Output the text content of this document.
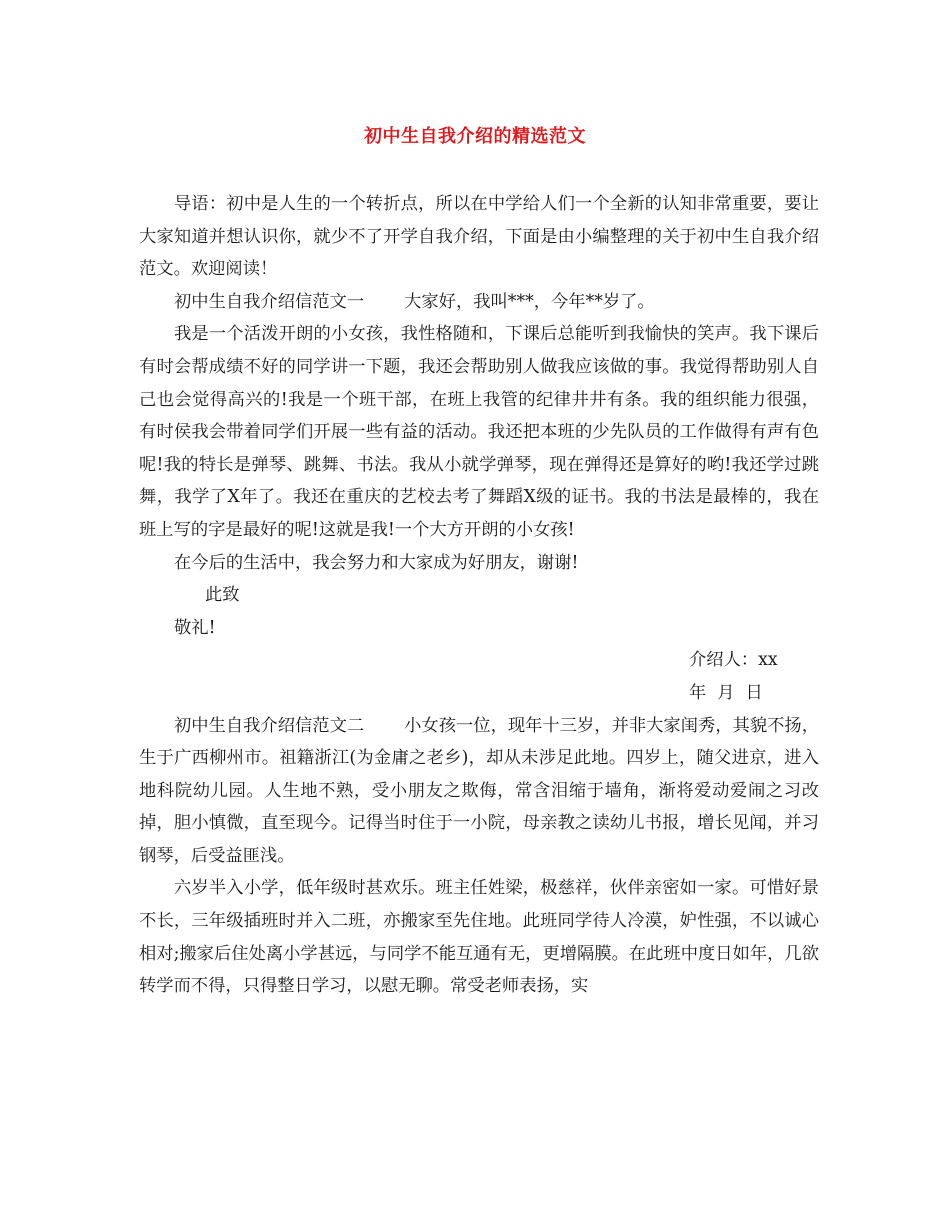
初中生自我介绍的精选范文

导语：初中是人生的一个转折点，所以在中学给人们一个全新的认知非常重要，要让大家知道并想认识你，就少不了开学自我介绍，下面是由小编整理的关于初中生自我介绍范文。欢迎阅读！

初中生自我介绍信范文一 大家好，我叫***，今年**岁了。

我是一个活泼开朗的小女孩，我性格随和，下课后总能听到我愉快的笑声。我下课后有时会帮成绩不好的同学讲一下题，我还会帮助别人做我应该做的事。我觉得帮助别人自己也会觉得高兴的!我是一个班干部，在班上我管的纪律井井有条。我的组织能力很强，有时侯我会带着同学们开展一些有益的活动。我还把本班的少先队员的工作做得有声有色呢!我的特长是弹琴、跳舞、书法。我从小就学弹琴，现在弹得还是算好的哟!我还学过跳舞，我学了X年了。我还在重庆的艺校去考了舞蹈X级的证书。我的书法是最棒的，我在班上写的字是最好的呢!这就是我!一个大方开朗的小女孩!

在今后的生活中，我会努力和大家成为好朋友，谢谢!

此致

敬礼!

介绍人：xx

年  月  日

初中生自我介绍信范文二 小女孩一位，现年十三岁，并非大家闺秀，其貌不扬， 生于广西柳州市。祖籍浙江(为金庸之老乡)，却从未涉足此地。四岁上，随父进京，进入地科院幼儿园。人生地不熟，受小朋友之欺侮，常含泪缩于墙角，渐将爱动爱闹之习改掉，胆小慎微，直至现今。记得当时住于一小院，母亲教之读幼儿书报，增长见闻，并习钢琴，后受益匪浅。

六岁半入小学，低年级时甚欢乐。班主任姓梁，极慈祥，伙伴亲密如一家。可惜好景不长，三年级插班时并入二班，亦搬家至先住地。此班同学待人冷漠，妒性强，不以诚心相对;搬家后住处离小学甚远，与同学不能互通有无，更增隔膜。在此班中度日如年，几欲转学而不得，只得整日学习，以慰无聊。常受老师表扬，实
